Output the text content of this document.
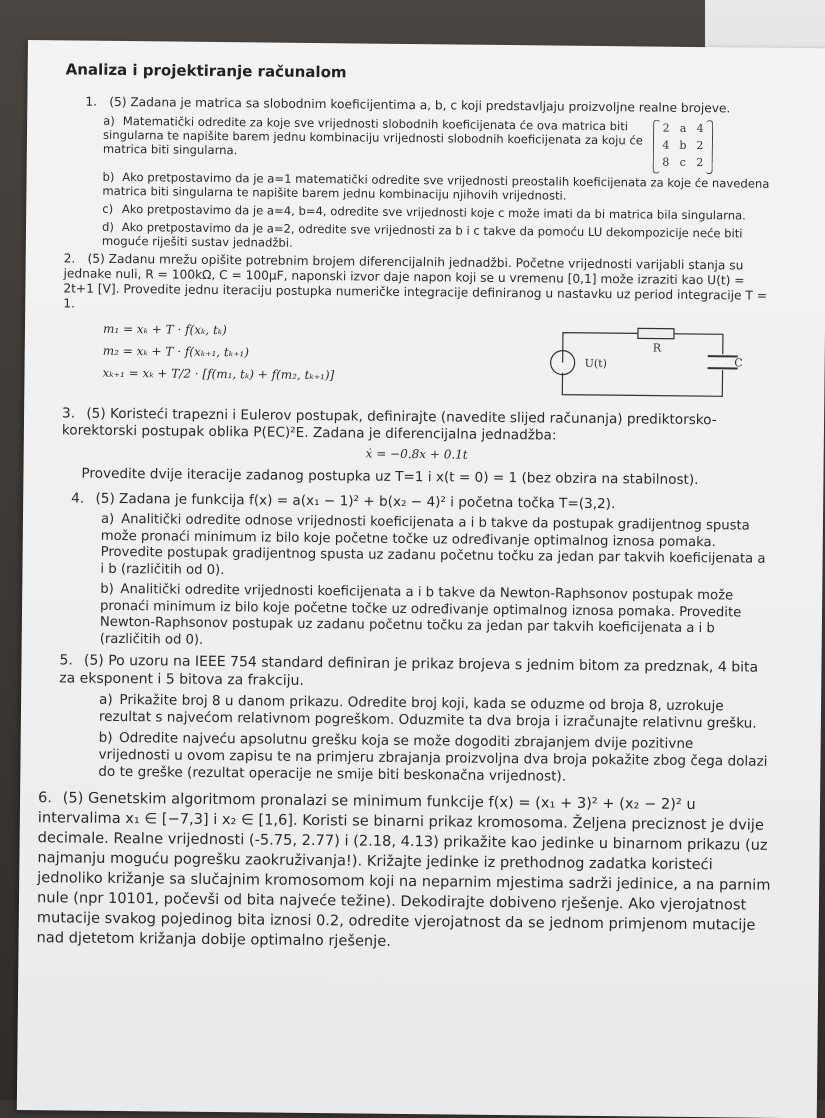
Analiza i projektiranje računalom
1. (5) Zadana je matrica sa slobodnim koeficijentima a, b, c koji predstavljaju proizvoljne realne brojeve.
a) Matematički odredite za koje sve vrijednosti slobodnih koeficijenata će ova matrica biti singularna te napišite barem jednu kombinaciju vrijednosti slobodnih koeficijenata za koju će matrica biti singularna.
2 a 4
4 b 2
8 c 2
b) Ako pretpostavimo da je a=1 matematički odredite sve vrijednosti preostalih koeficijenata za koje će navedena matrica biti singularna te napišite barem jednu kombinaciju njihovih vrijednosti.
c) Ako pretpostavimo da je a=4, b=4, odredite sve vrijednosti koje c može imati da bi matrica bila singularna.
d) Ako pretpostavimo da je a=2, odredite sve vrijednosti za b i c takve da pomoću LU dekompozicije neće biti moguće riješiti sustav jednadžbi.
2. (5) Zadanu mrežu opišite potrebnim brojem diferencijalnih jednadžbi. Početne vrijednosti varijabli stanja su jednake nuli, R = 100kΩ, C = 100μF, naponski izvor daje napon koji se u vremenu [0,1] može izraziti kao U(t) = 2t+1 [V]. Provedite jednu iteraciju postupka numeričke integracije definiranog u nastavku uz period integracije T = 1.
m₁ = xₖ + T · f(xₖ, tₖ)
m₂ = xₖ + T · f(xₖ₊₁, tₖ₊₁)
xₖ₊₁ = xₖ + T/2 · [f(m₁, tₖ) + f(m₂, tₖ₊₁)]
U(t)
R
C
3. (5) Koristeći trapezni i Eulerov postupak, definirajte (navedite slijed računanja) prediktorsko-korektorski postupak oblika P(EC)²E. Zadana je diferencijalna jednadžba:
ẋ = −0.8x + 0.1t
Provedite dvije iteracije zadanog postupka uz T=1 i x(t = 0) = 1 (bez obzira na stabilnost).
4. (5) Zadana je funkcija f(x) = a(x₁ − 1)² + b(x₂ − 4)² i početna točka T=(3,2).
a) Analitički odredite odnose vrijednosti koeficijenata a i b takve da postupak gradijentnog spusta može pronaći minimum iz bilo koje početne točke uz određivanje optimalnog iznosa pomaka. Provedite postupak gradijentnog spusta uz zadanu početnu točku za jedan par takvih koeficijenata a i b (različitih od 0).
b) Analitički odredite vrijednosti koeficijenata a i b takve da Newton-Raphsonov postupak može pronaći minimum iz bilo koje početne točke uz određivanje optimalnog iznosa pomaka. Provedite Newton-Raphsonov postupak uz zadanu početnu točku za jedan par takvih koeficijenata a i b (različitih od 0).
5. (5) Po uzoru na IEEE 754 standard definiran je prikaz brojeva s jednim bitom za predznak, 4 bita za eksponent i 5 bitova za frakciju.
a) Prikažite broj 8 u danom prikazu. Odredite broj koji, kada se oduzme od broja 8, uzrokuje rezultat s najvećom relativnom pogreškom. Oduzmite ta dva broja i izračunajte relativnu grešku.
b) Odredite najveću apsolutnu grešku koja se može dogoditi zbrajanjem dvije pozitivne vrijednosti u ovom zapisu te na primjeru zbrajanja proizvoljna dva broja pokažite zbog čega dolazi do te greške (rezultat operacije ne smije biti beskonačna vrijednost).
6. (5) Genetskim algoritmom pronalazi se minimum funkcije f(x) = (x₁ + 3)² + (x₂ − 2)² u intervalima x₁ ∈ [−7,3] i x₂ ∈ [1,6]. Koristi se binarni prikaz kromosoma. Željena preciznost je dvije decimale. Realne vrijednosti (-5.75, 2.77) i (2.18, 4.13) prikažite kao jedinke u binarnom prikazu (uz najmanju moguću pogrešku zaokruživanja!). Križajte jedinke iz prethodnog zadatka koristeći jednoliko križanje sa slučajnim kromosomom koji na neparnim mjestima sadrži jedinice, a na parnim nule (npr 10101, počevši od bita najveće težine). Dekodirajte dobiveno rješenje. Ako vjerojatnost mutacije svakog pojedinog bita iznosi 0.2, odredite vjerojatnost da se jednom primjenom mutacije nad djetetom križanja dobije optimalno rješenje.
